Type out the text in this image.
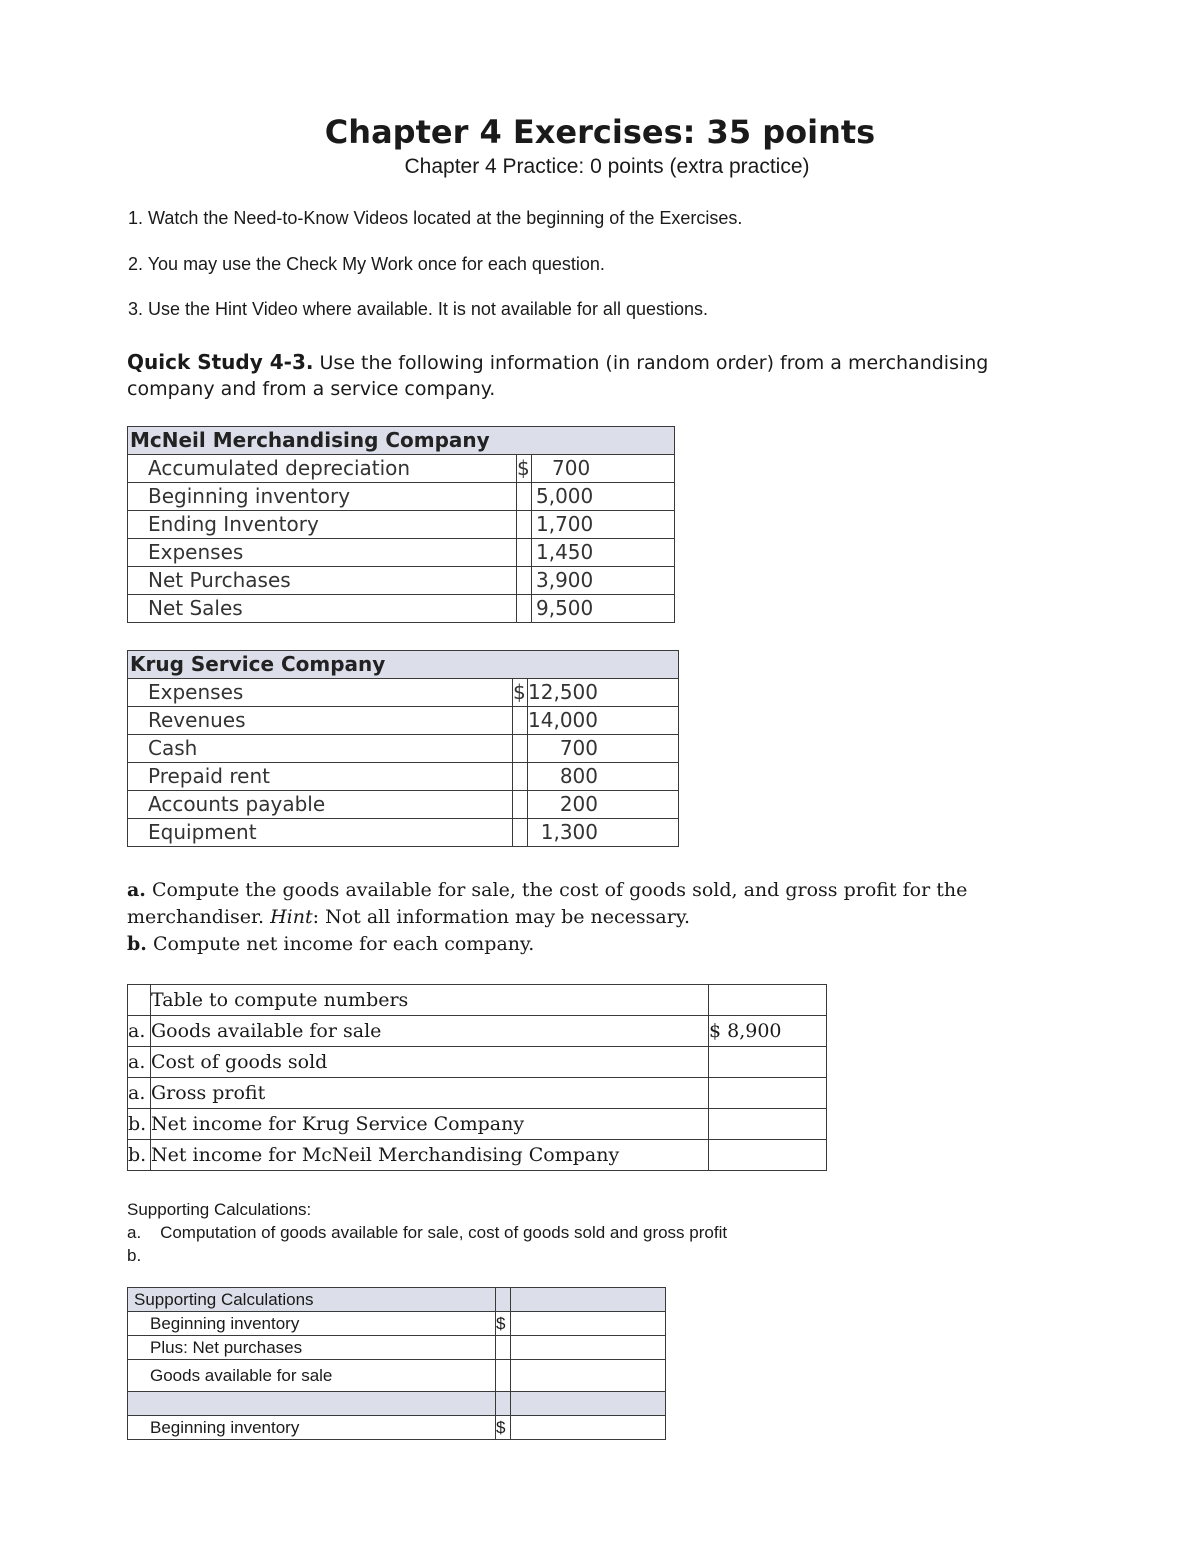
Chapter 4 Exercises: 35 points
Chapter 4 Practice: 0 points (extra practice)
1. Watch the Need-to-Know Videos located at the beginning of the Exercises.
2. You may use the Check My Work once for each question.
3. Use the Hint Video where available. It is not available for all questions.
Quick Study 4-3. Use the following information (in random order) from a merchandising company and from a service company.
McNeil Merchandising Company		
Accumulated depreciation	$	700
Beginning inventory		5,000
Ending Inventory		1,700
Expenses		1,450
Net Purchases		3,900
Net Sales		9,500
Krug Service Company		
Expenses	$	12,500
Revenues		14,000
Cash		700
Prepaid rent		800
Accounts payable		200
Equipment		1,300
a. Compute the goods available for sale, the cost of goods sold, and gross profit for the merchandiser. Hint: Not all information may be necessary.
b. Compute net income for each company.
	Table to compute numbers	
a.	Goods available for sale	$ 8,900
a.	Cost of goods sold	
a.	Gross profit	
b.	Net income for Krug Service Company	
b.	Net income for McNeil Merchandising Company	
Supporting Calculations:
a.    Computation of goods available for sale, cost of goods sold and gross profit
b.
Supporting Calculations		
Beginning inventory	$	
Plus: Net purchases		
Goods available for sale		

Beginning inventory	$	
